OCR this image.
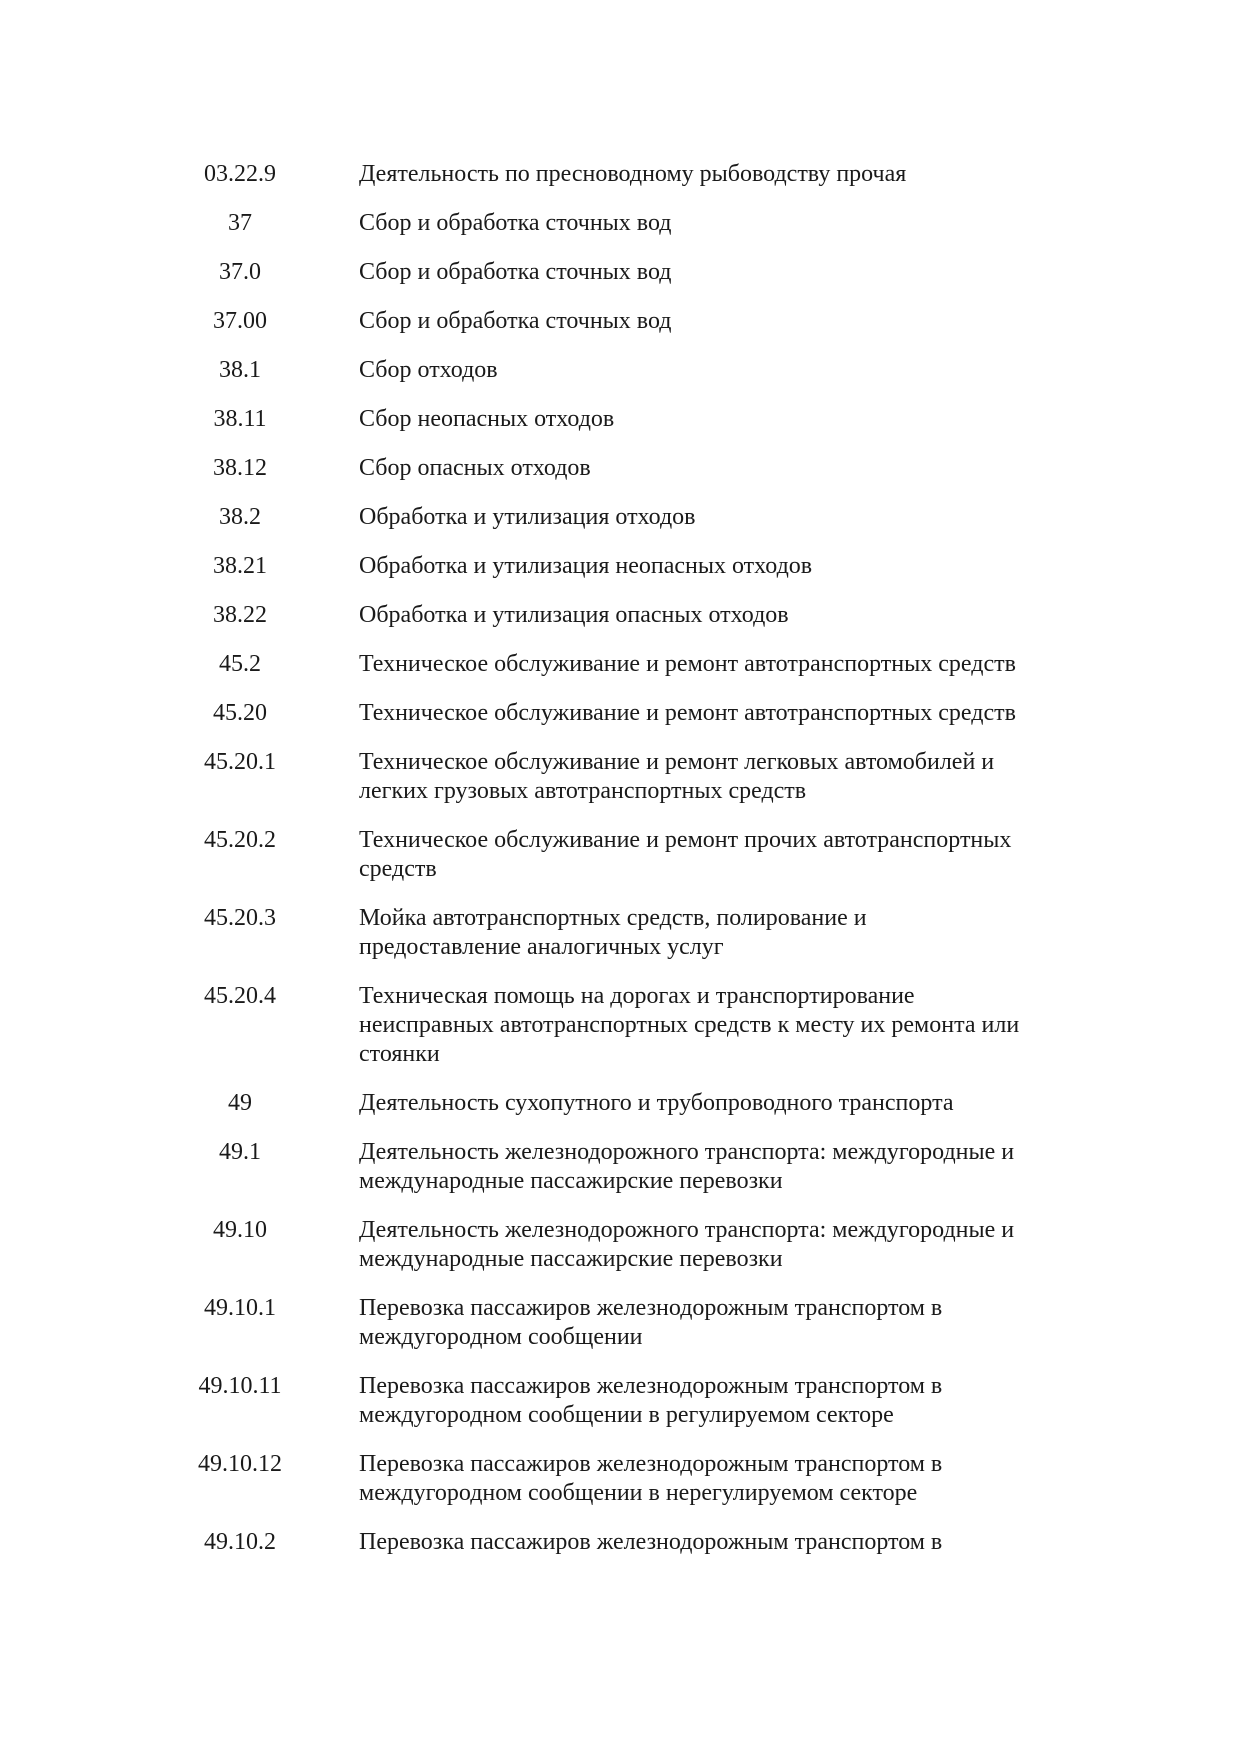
03.22.9	Деятельность по пресноводному рыбоводству прочая
37	Сбор и обработка сточных вод
37.0	Сбор и обработка сточных вод
37.00	Сбор и обработка сточных вод
38.1	Сбор отходов
38.11	Сбор неопасных отходов
38.12	Сбор опасных отходов
38.2	Обработка и утилизация отходов
38.21	Обработка и утилизация неопасных отходов
38.22	Обработка и утилизация опасных отходов
45.2	Техническое обслуживание и ремонт автотранспортных средств
45.20	Техническое обслуживание и ремонт автотранспортных средств
45.20.1	Техническое обслуживание и ремонт легковых автомобилей и
легких грузовых автотранспортных средств
45.20.2	Техническое обслуживание и ремонт прочих автотранспортных
средств
45.20.3	Мойка автотранспортных средств, полирование и
предоставление аналогичных услуг
45.20.4	Техническая помощь на дорогах и транспортирование
неисправных автотранспортных средств к месту их ремонта или
стоянки
49	Деятельность сухопутного и трубопроводного транспорта
49.1	Деятельность железнодорожного транспорта: междугородные и
международные пассажирские перевозки
49.10	Деятельность железнодорожного транспорта: междугородные и
международные пассажирские перевозки
49.10.1	Перевозка пассажиров железнодорожным транспортом в
междугородном сообщении
49.10.11	Перевозка пассажиров железнодорожным транспортом в
междугородном сообщении в регулируемом секторе
49.10.12	Перевозка пассажиров железнодорожным транспортом в
междугородном сообщении в нерегулируемом секторе
49.10.2	Перевозка пассажиров железнодорожным транспортом в
